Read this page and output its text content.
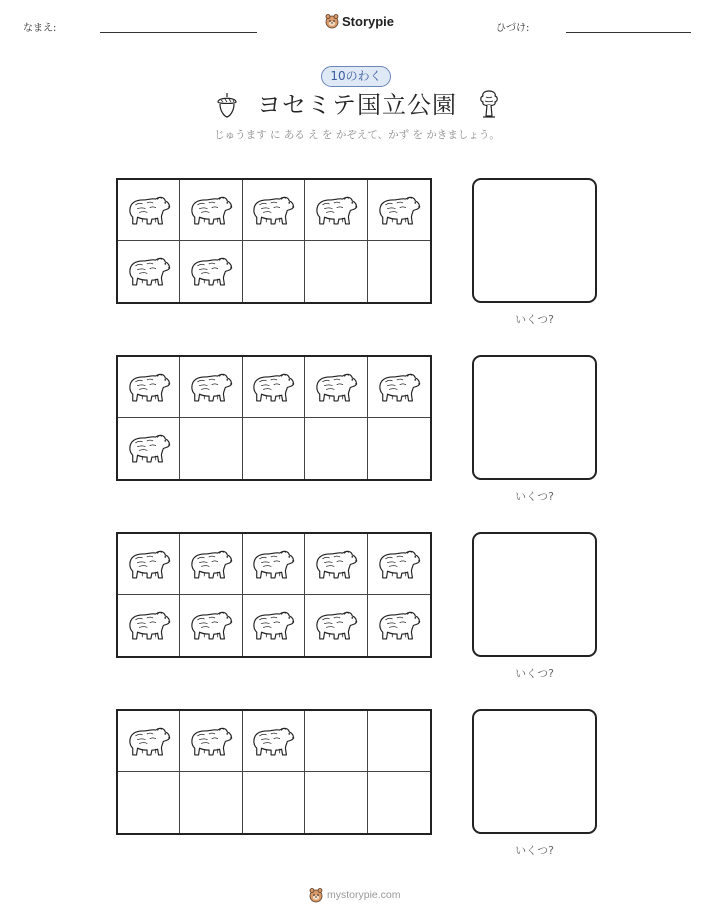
なまえ:	Storypie	ひづけ:
10のわく
ヨセミテ国立公園
じゅうます に ある え を かぞえて、かず を かきましょう。
いくつ?
いくつ?
いくつ?
いくつ?
mystorypie.com
